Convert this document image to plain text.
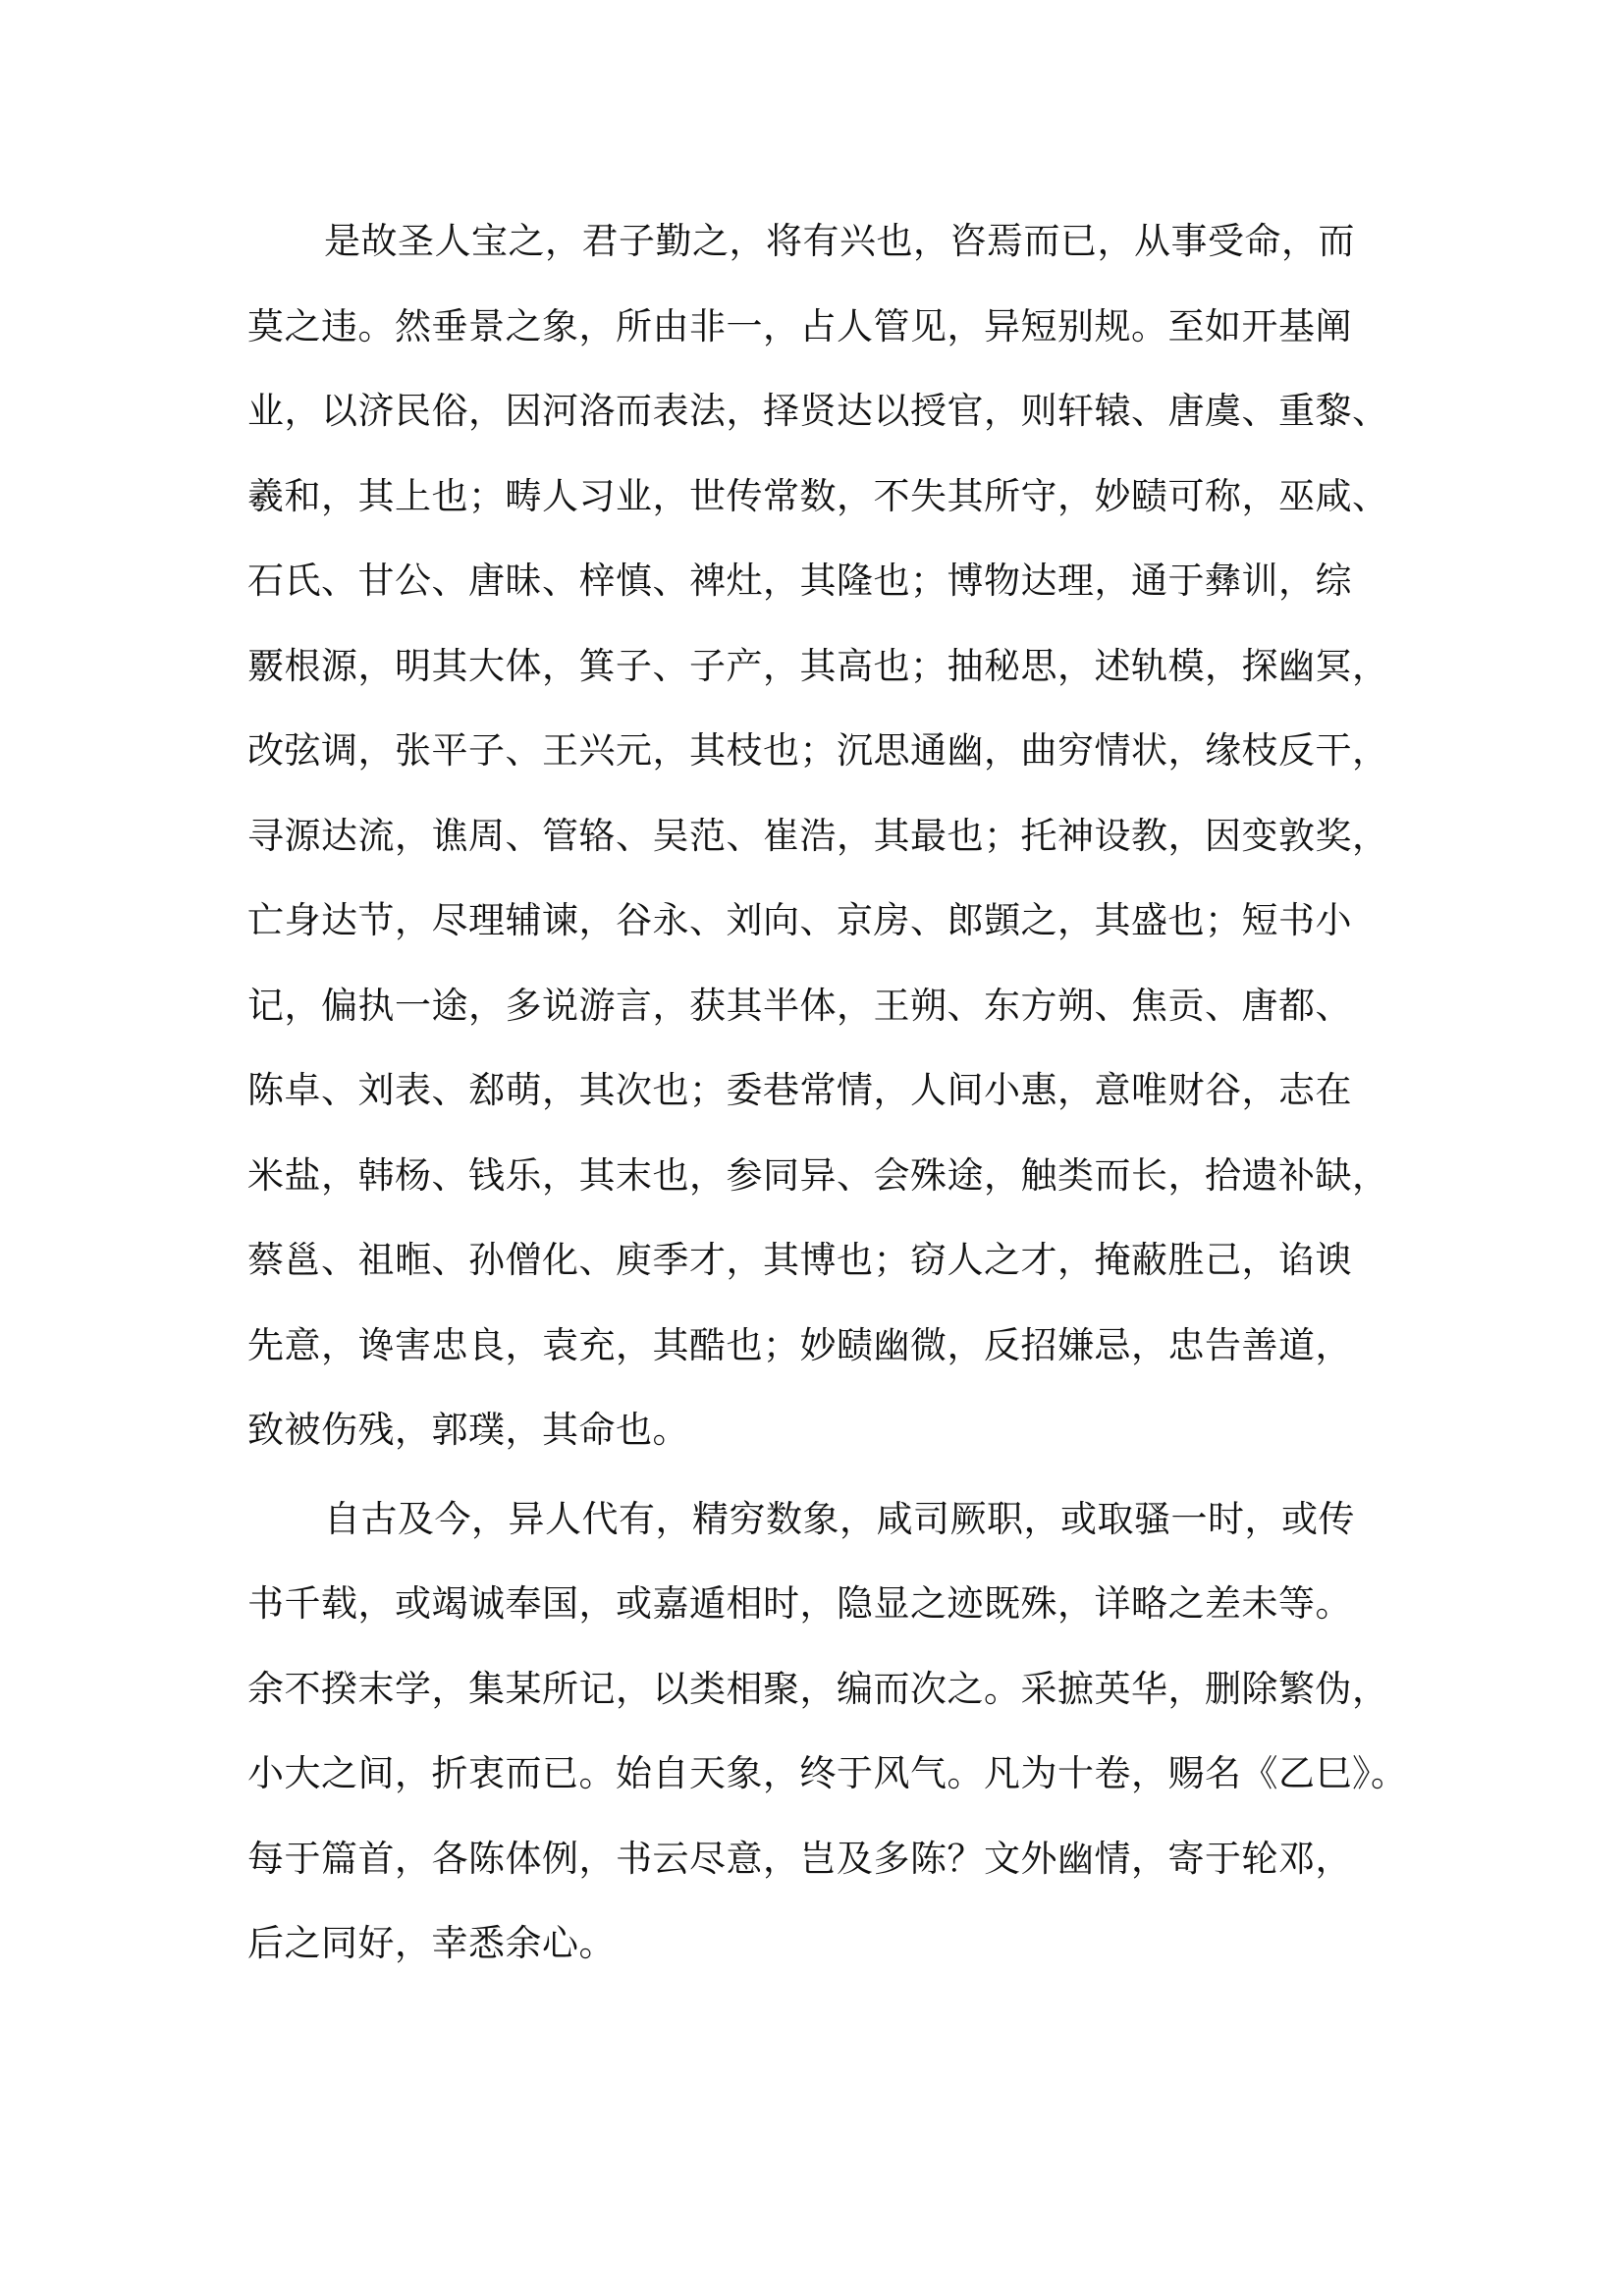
是故圣人宝之，君子勤之，将有兴也，咨焉而已，从事受命，而
莫之违。然垂景之象，所由非一，占人管见，异短别规。至如开基阐
业，以济民俗，因河洛而表法，择贤达以授官，则轩辕、唐虞、重黎、
羲和，其上也；畴人习业，世传常数，不失其所守，妙赜可称，巫咸、
石氏、甘公、唐昧、梓慎、禆灶，其隆也；博物达理，通于彝训，综
覈根源，明其大体，箕子、子产，其高也；抽秘思，述轨模，探幽冥，
改弦调，张平子、王兴元，其枝也；沉思通幽，曲穷情状，缘枝反干，
寻源达流，谯周、管辂、吴范、崔浩，其最也；托神设教，因变敦奖，
亡身达节，尽理辅谏，谷永、刘向、京房、郎顗之，其盛也；短书小
记，偏执一途，多说游言，获其半体，王朔、东方朔、焦贡、唐都、
陈卓、刘表、郄萌，其次也；委巷常情，人间小惠，意唯财谷，志在
米盐，韩杨、钱乐，其末也，参同异、会殊途，触类而长，拾遗补缺，
蔡邕、祖暅、孙僧化、庾季才，其博也；窃人之才，掩蔽胜己，谄谀
先意，谗害忠良，袁充，其酷也；妙赜幽微，反招嫌忌，忠告善道，
致被伤残，郭璞，其命也。
自古及今，异人代有，精穷数象，咸司厥职，或取骚一时，或传
书千载，或竭诚奉国，或嘉遁相时，隐显之迹既殊，详略之差未等。
余不揆末学，集某所记，以类相聚，编而次之。采摭英华，删除繁伪，
小大之间，折衷而已。始自天象，终于风气。凡为十卷，赐名《乙巳》。
每于篇首，各陈体例，书云尽意，岂及多陈？文外幽情，寄于轮邓，
后之同好，幸悉余心。
